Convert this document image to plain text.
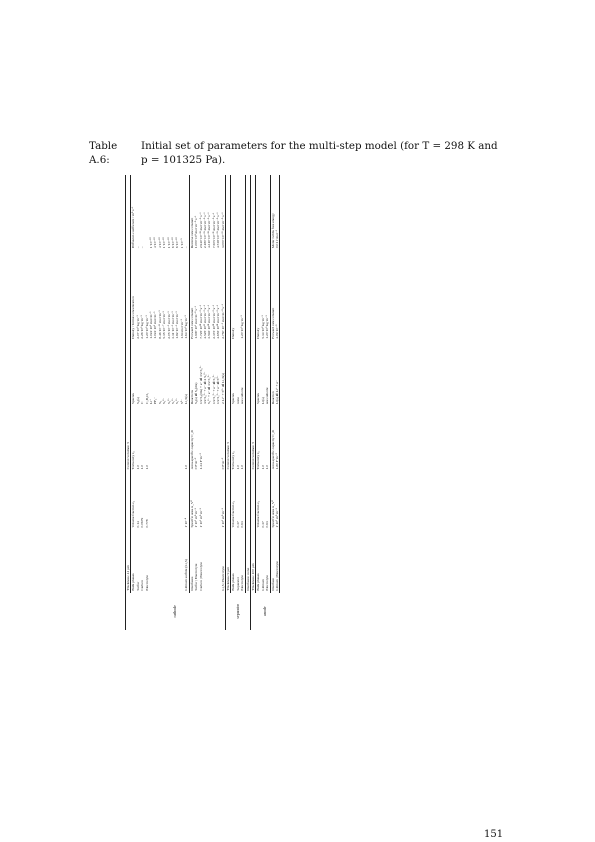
Table A.6:Initial set of parameters for the multi-step model (for T = 298 K and p = 101325 Pa).
cathode	Thickness: 41 µm		Control volumes: 5			
	Bulk phases	Volume fraction ε₀	Tortuosity τ₀	Species	Density / Initial concentration	Diffusion coefficient / m²·s⁻¹
	Sulfur	0.14	1.0	S₈(s)	2.07·10³ kg·m⁻³	–
	Carbon	0.0679	1.0	C	2.26·10³ kg·m⁻³	–
	Electrolyte	0.778	1.0	C₄H₄O₃	1.20·10³ kg·m⁻³	
				Li⁺	1.024·10³ mol·m⁻³	1·10⁻¹⁰
				PF₆⁻	1.024·10³ mol·m⁻³	4·10⁻¹⁰
				S₈	8.46·10⁻¹¹ mol·m⁻³	4·10⁻¹⁰
				S₈²⁻	5.35·10⁻⁷ mol·m⁻³	1·10⁻¹⁰
				S₆²⁻	2.05·10⁻³ mol·m⁻³	1·10⁻¹⁰
				S₄²⁻	3.31·10⁻³ mol·m⁻³	6·10⁻¹⁰
				S₂²⁻	1.82·10⁻³ mol·m⁻³	6·10⁻¹⁰
				S²⁻	1.94 mol·m⁻³	1·10⁻⁹
	Lithium sulfide (Li₂S)	1·10⁻⁴	1.0	Li₂S(s)	1.64·10³ kg·m⁻³	–
	Interfaces	Specific area A_V⁰	Area-specific capacity C_dl	Reactions	Forward rate constant	Reverse rate constant
	Sulfur | Electrolyte	1·10⁵ m²·m⁻³	0 F·m⁻²	S₈(s) ⇌ S₈(dis)	1.900·10¹ mol·m⁻²·s⁻¹	1.000·10³ mol·m⁻²·s⁻¹
	Carbon | Electrolyte	1·10⁵ m²·m⁻³	1.34 F·m⁻²	1/2 S₈(dis) + e⁻ ⇌ 1/2 S₈²⁻	7.725·10¹⁸ mol·m⁻²·s⁻¹	2.940·10⁻¹⁸ mol·m⁻²·s⁻¹
				3/2 S₈²⁻ + e⁻ ⇌ 2 S₆²⁻	4.525·10¹⁵ mol·m⁻²·s⁻¹	2.180·10⁻¹⁹ mol·m⁻²·s⁻¹
				S₆²⁻ + e⁻ ⇌ 3/2 S₄²⁻	3.593·10¹⁸ mol·m⁻²·s⁻¹	4.310·10⁻¹⁸ mol·m⁻²·s⁻¹
				1/2 S₄²⁻ + e⁻ ⇌ S₂²⁻	2.373·10¹⁸ mol·m⁻²·s⁻¹	7.505·10⁻²¹ mol·m⁻²·s⁻¹
				1/2 S₂²⁻ + e⁻ ⇌ S²⁻	4.655·10¹⁸ mol·m⁻²·s⁻¹	4.738·10⁻¹⁹ mol·m⁻²·s⁻¹
	Li₂S | Electrolyte	1·10⁵ m²·m⁻³	0 F·m⁻²	2 Li⁺ + S²⁻ ⇌ Li₂S(s)	2.750·10⁻⁵ mol·m⁻²·s⁻¹	3.000·10⁻¹⁵ mol·m⁻²·s⁻¹
separator	Thickness: 9 µm		Control volumes: 5			
	Bulk phases	Volume fraction ε₀	Tortuosity τ₀	Species	Density	
	Separator	0.37	1.0	none		
	Electrolyte	0.63	1.0	see cathode	1.20·10³ kg·m⁻³	
	Interfaces: none					
anode	Thickness: 100 µm		Control volumes: 5			
	Bulk phases	Volume fraction ε₀	Tortuosity τ₀	Species	Density	
	Lithium	0.37	1.0	Li(s)	5.34·10² kg·m⁻³	
	Electrolyte	0.63	1.0	see cathode	1.20·10³ kg·m⁻³	
	Interface	Specific area A_V⁰	Area-specific capacity C_dl	Reaction	Forward rate constant	Molar Gibbs free energy
	Lithium | Electrolyte	1·10⁵ m²·m⁻³	1.80 F·m⁻²	Li(s) ⇌ Li⁺ + e⁻	4.09·10⁻⁹	0.01 J·mol⁻¹
151
